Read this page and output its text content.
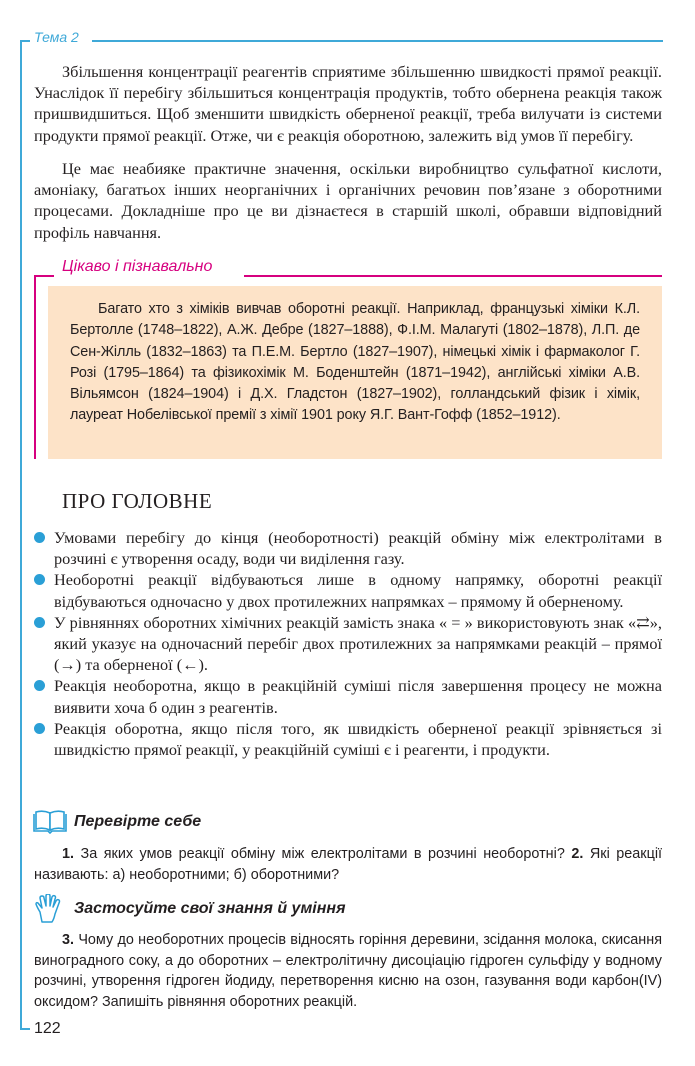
Тема 2

Збільшення концентрації реагентів сприятиме збільшенню швидкості прямої реакції. Унаслідок її перебігу збільшиться концентрація продуктів, тобто обернена реакція також пришвидшиться. Щоб зменшити швидкість оберненої реакції, треба вилучати із системи продукти прямої реакції. Отже, чи є реакція оборотною, залежить від умов її перебігу.

Це має неабияке практичне значення, оскільки виробництво сульфатної кислоти, амоніаку, багатьох інших неорганічних і органічних речовин пов’язане з оборотними процесами. Докладніше про це ви дізнаєтеся в старшій школі, обравши відповідний профіль навчання.

Цікаво і пізнавально

Багато хто з хіміків вивчав оборотні реакції. Наприклад, французькі хіміки К.Л. Бертолле (1748–1822), А.Ж. Дебре (1827–1888), Ф.І.М. Малагуті (1802–1878), Л.П. де Сен-Жілль (1832–1863) та П.Е.М. Бертло (1827–1907), німецькі хімік і фармаколог Г. Розі (1795–1864) та фізикохімік М. Боденштейн (1871–1942), англійські хіміки А.В. Вільямсон (1824–1904) і Д.Х. Гладстон (1827–1902), голландський фізик і хімік, лауреат Нобелівської премії з хімії 1901 року Я.Г. Вант-Гофф (1852–1912).

ПРО ГОЛОВНЕ
Умовами перебігу до кінця (необоротності) реакцій обміну між електролітами в розчині є утворення осаду, води чи виділення газу.
Необоротні реакції відбуваються лише в одному напрямку, оборотні реакції відбуваються одночасно у двох протилежних напрямках – прямому й оберненому.
У рівняннях оборотних хімічних реакцій замість знака « = » використовують знак «⇄», який указує на одночасний перебіг двох протилежних за напрямками реакцій – прямої (→) та оберненої (←).
Реакція необоротна, якщо в реакційній суміші після завершення процесу не можна виявити хоча б один з реагентів.
Реакція оборотна, якщо після того, як швидкість оберненої реакції зрівняється зі швидкістю прямої реакції, у реакційній суміші є і реагенти, і продукти.
Перевірте себе

1. За яких умов реакції обміну між електролітами в розчині необоротні? 2. Які реакції називають: а) необоротними; б) оборотними?

Застосуйте свої знання й уміння

3. Чому до необоротних процесів відносять горіння деревини, зсідання молока, скисання виноградного соку, а до оборотних – електролітичну дисоціацію гідроген сульфіду у водному розчині, утворення гідроген йодиду, перетворення кисню на озон, газування води карбон(IV) оксидом? Запишіть рівняння оборотних реакцій.

122
